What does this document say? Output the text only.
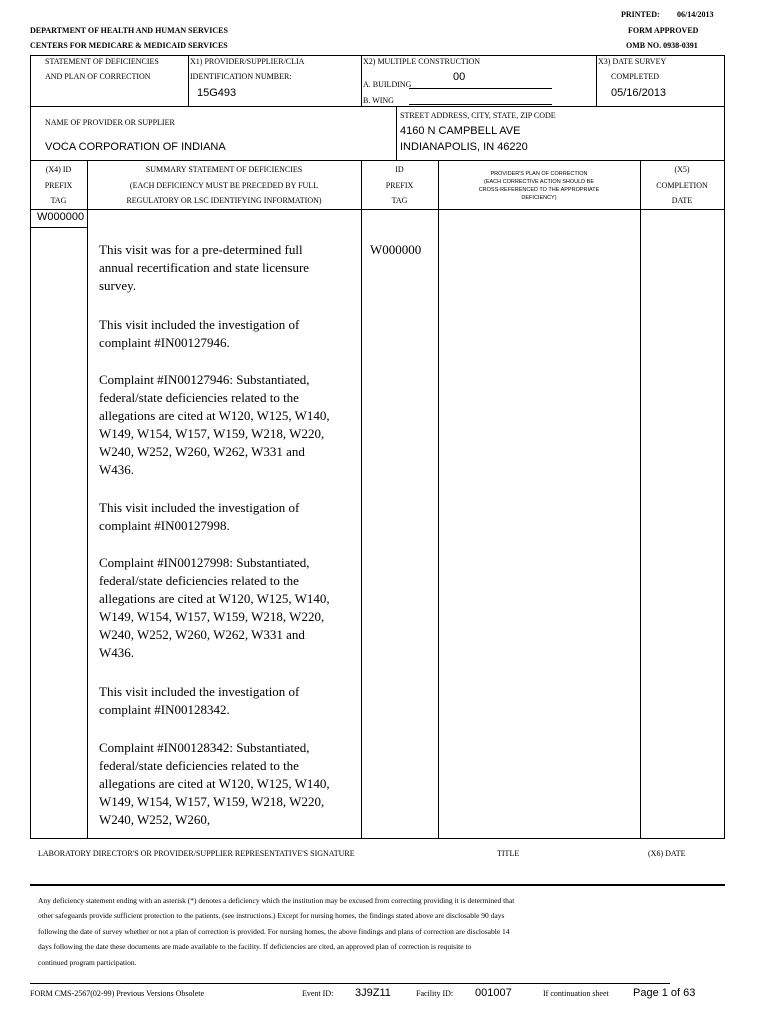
PRINTED: 06/14/2013
FORM APPROVED
OMB NO. 0938-0391
DEPARTMENT OF HEALTH AND HUMAN SERVICES
CENTERS FOR MEDICARE & MEDICAID SERVICES
STATEMENT OF DEFICIENCIES
AND PLAN OF CORRECTION
X1) PROVIDER/SUPPLIER/CLIA
IDENTIFICATION NUMBER:
15G493
X2) MULTIPLE CONSTRUCTION
00
A. BUILDING
B. WING
X3) DATE SURVEY
COMPLETED
05/16/2013
NAME OF PROVIDER OR SUPPLIER
VOCA CORPORATION OF INDIANA
STREET ADDRESS, CITY, STATE, ZIP CODE
4160 N CAMPBELL AVE
INDIANAPOLIS, IN 46220
(X4) ID
PREFIX
TAG
SUMMARY STATEMENT OF DEFICIENCIES
(EACH DEFICIENCY MUST BE PRECEDED BY FULL
REGULATORY OR LSC IDENTIFYING INFORMATION)
ID
PREFIX
TAG
PROVIDER'S PLAN OF CORRECTION
(EACH CORRECTIVE ACTION SHOULD BE
CROSS-REFERENCED TO THE APPROPRIATE
DEFICIENCY)
(X5)
COMPLETION
DATE
W000000
W000000
This visit was for a pre-determined full annual recertification and state licensure survey.
This visit included the investigation of complaint #IN00127946.
Complaint #IN00127946: Substantiated, federal/state deficiencies related to the allegations are cited at W120, W125, W140, W149, W154, W157, W159, W218, W220, W240, W252, W260, W262, W331 and W436.
This visit included the investigation of complaint #IN00127998.
Complaint #IN00127998: Substantiated, federal/state deficiencies related to the allegations are cited at W120, W125, W140, W149, W154, W157, W159, W218, W220, W240, W252, W260, W262, W331 and W436.
This visit included the investigation of complaint #IN00128342.
Complaint #IN00128342: Substantiated, federal/state deficiencies related to the allegations are cited at W120, W125, W140, W149, W154, W157, W159, W218, W220, W240, W252, W260,
LABORATORY DIRECTOR'S OR PROVIDER/SUPPLIER REPRESENTATIVE'S SIGNATURE	TITLE	(X6) DATE
Any deficiency statement ending with an asterisk (*) denotes a deficiency which the institution may be excused from correcting providing it is determined that
other safeguards provide sufficient protection to the patients. (see instructions.) Except for nursing homes, the findings stated above are disclosable 90 days
following the date of survey whether or not a plan of correction is provided. For nursing homes, the above findings and plans of correction are disclosable 14
days following the date these documents are made available to the facility. If deficiencies are cited, an approved plan of correction is requisite to
continued program participation.
FORM CMS-2567(02-99) Previous Versions Obsolete	Event ID: 3J9Z11	Facility ID: 001007	If continuation sheet Page 1 of 63
